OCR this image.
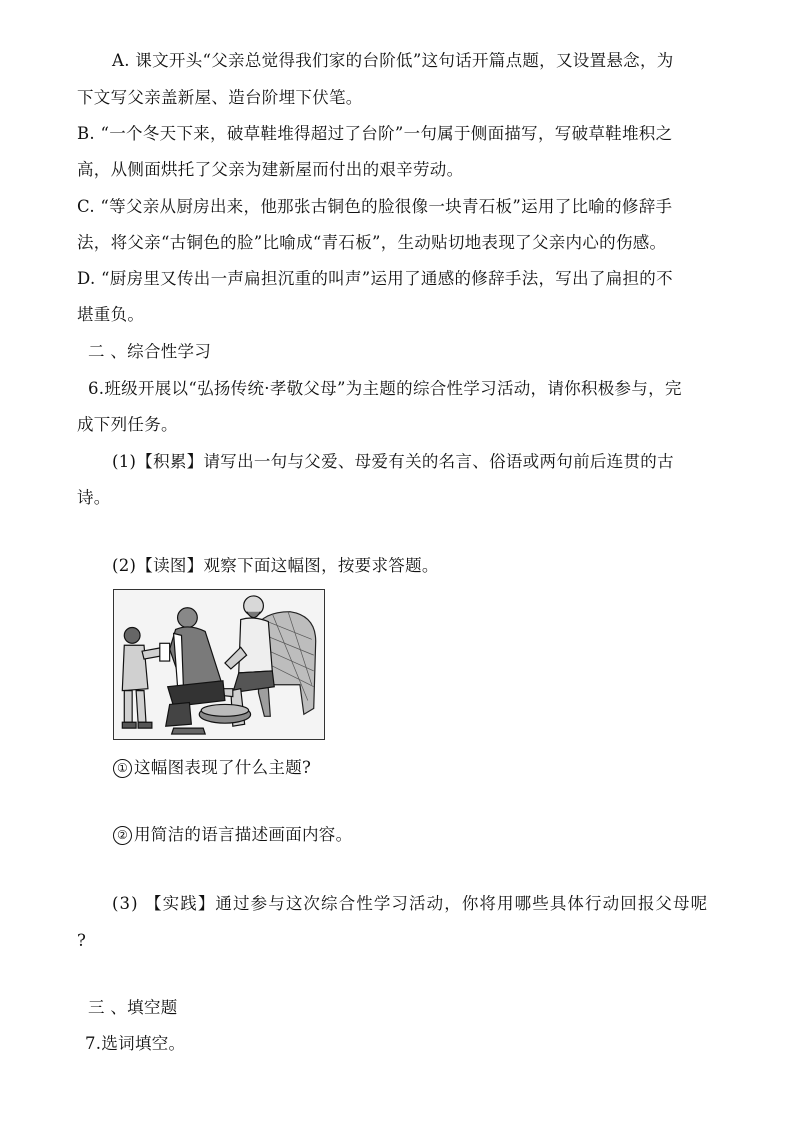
A. 课文开头“父亲总觉得我们家的台阶低”这句话开篇点题，又设置悬念，为
下文写父亲盖新屋、造台阶埋下伏笔。
B. “一个冬天下来，破草鞋堆得超过了台阶”一句属于侧面描写，写破草鞋堆积之
高，从侧面烘托了父亲为建新屋而付出的艰辛劳动。
C. “等父亲从厨房出来，他那张古铜色的脸很像一块青石板”运用了比喻的修辞手
法，将父亲“古铜色的脸”比喻成“青石板”，生动贴切地表现了父亲内心的伤感。
D. “厨房里又传出一声扁担沉重的叫声”运用了通感的修辞手法，写出了扁担的不
堪重负。
二 、综合性学习
6.班级开展以“弘扬传统·孝敬父母”为主题的综合性学习活动，请你积极参与，完
成下列任务。
(1)【积累】请写出一句与父爱、母爱有关的名言、俗语或两句前后连贯的古
诗。
(2)【读图】观察下面这幅图，按要求答题。
① 这幅图表现了什么主题?
② 用简洁的语言描述画面内容。
(3) 【实践】通过参与这次综合性学习活动，你将用哪些具体行动回报父母呢
?
三 、填空题
7.选词填空。
